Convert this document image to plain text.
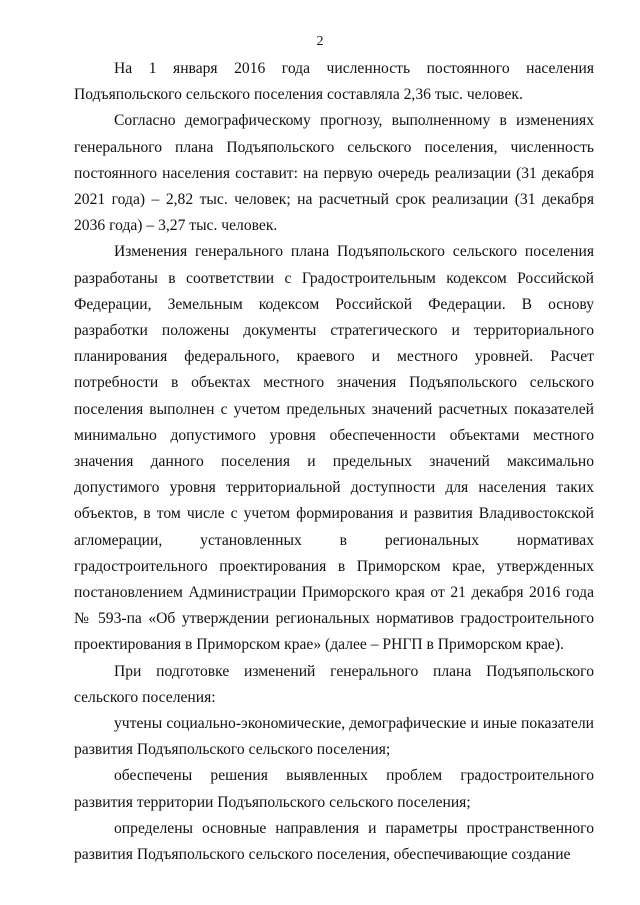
2

На 1 января 2016 года численность постоянного населения Подъяпольского сельского поселения составляла 2,36 тыс. человек.

Согласно демографическому прогнозу, выполненному в изменениях генерального плана Подъяпольского сельского поселения, численность постоянного населения составит: на первую очередь реализации (31 декабря 2021 года) – 2,82 тыс. человек; на расчетный срок реализации (31 декабря 2036 года) – 3,27 тыс. человек.

Изменения генерального плана Подъяпольского сельского поселения разработаны в соответствии с Градостроительным кодексом Российской Федерации, Земельным кодексом Российской Федерации. В основу разработки положены документы стратегического и территориального планирования федерального, краевого и местного уровней. Расчет потребности в объектах местного значения Подъяпольского сельского поселения выполнен с учетом предельных значений расчетных показателей минимально допустимого уровня обеспеченности объектами местного значения данного поселения и предельных значений максимально допустимого уровня территориальной доступности для населения таких объектов, в том числе с учетом формирования и развития Владивостокской агломерации, установленных в региональных нормативах градостроительного проектирования в Приморском крае, утвержденных постановлением Администрации Приморского края от 21 декабря 2016 года № 593-па «Об утверждении региональных нормативов градостроительного проектирования в Приморском крае» (далее – РНГП в Приморском крае).

При подготовке изменений генерального плана Подъяпольского сельского поселения:

учтены социально-экономические, демографические и иные показатели развития Подъяпольского сельского поселения;

обеспечены решения выявленных проблем градостроительного развития территории Подъяпольского сельского поселения;

определены основные направления и параметры пространственного развития Подъяпольского сельского поселения, обеспечивающие создание
